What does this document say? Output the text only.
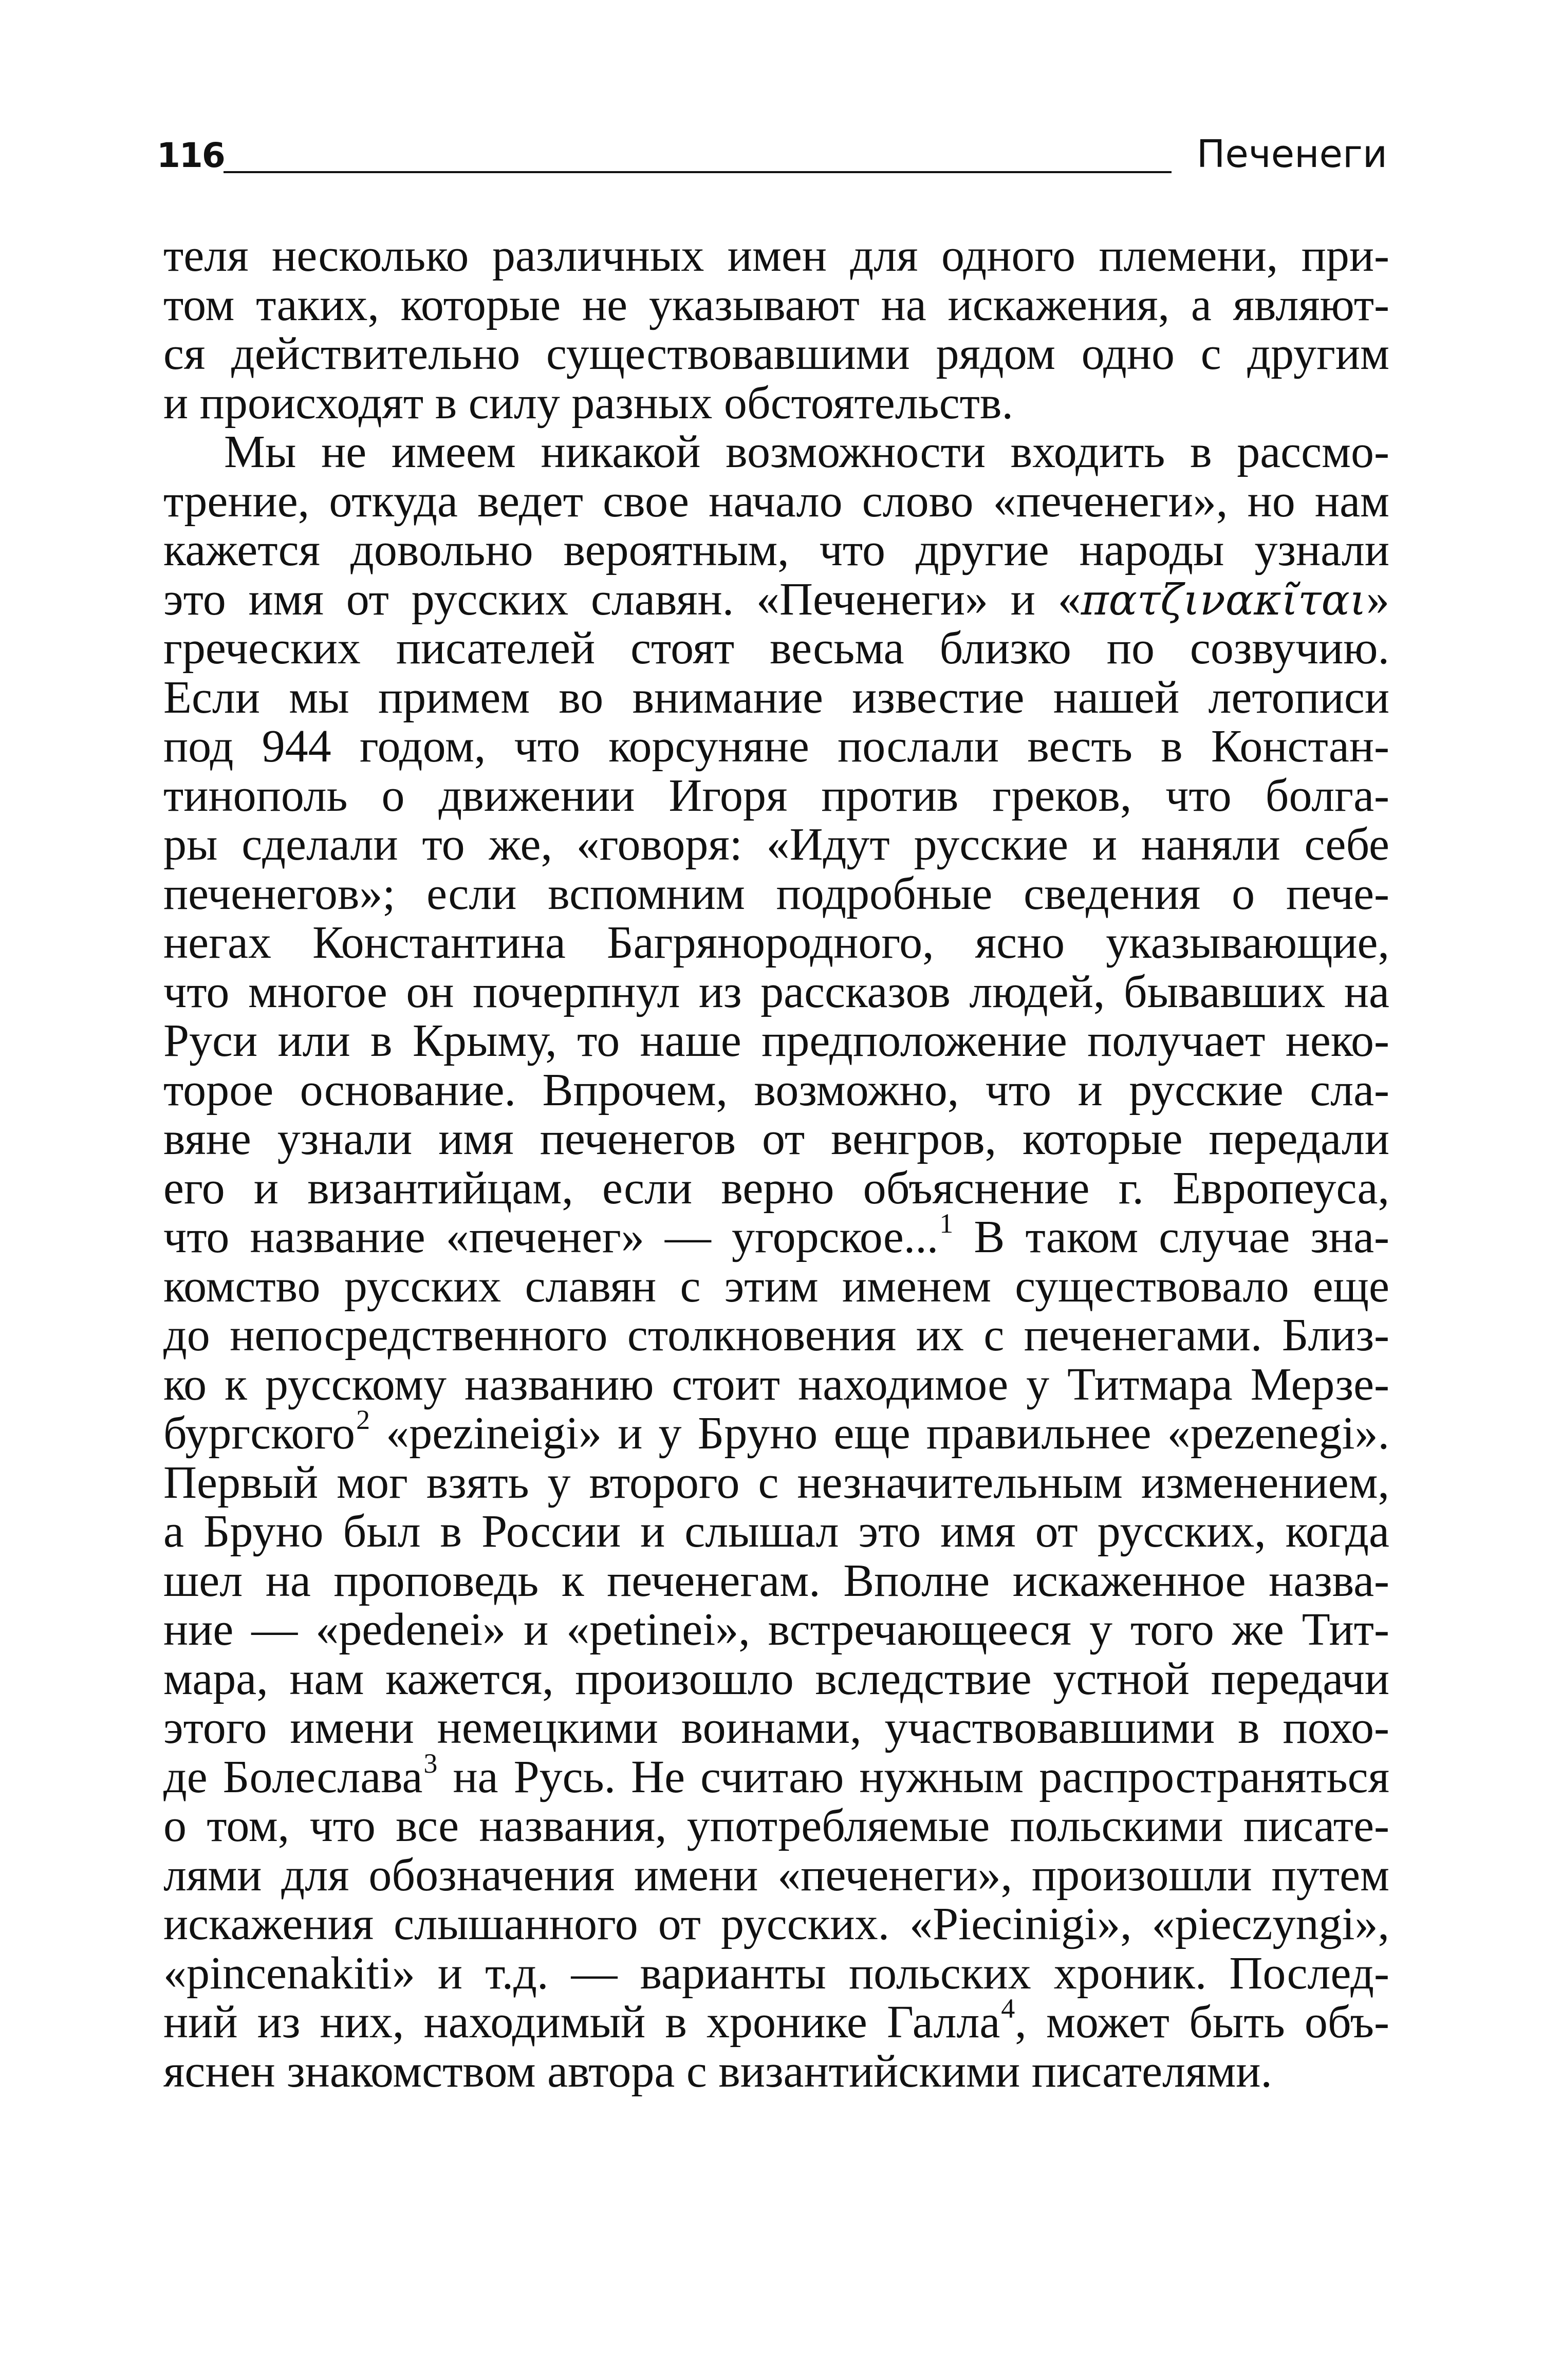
116	Печенеги
теля несколько различных имен для одного племени, при-
том таких, которые не указывают на искажения, а являют-
ся действительно существовавшими рядом одно с другим
и происходят в силу разных обстоятельств.
Мы не имеем никакой возможности входить в рассмо-
трение, откуда ведет свое начало слово «печенеги», но нам
кажется довольно вероятным, что другие народы узнали
это имя от русских славян. «Печенеги» и «πατζινακῖται»
греческих писателей стоят весьма близко по созвучию.
Если мы примем во внимание известие нашей летописи
под 944 годом, что корсуняне послали весть в Констан-
тинополь о движении Игоря против греков, что болга-
ры сделали то же, «говоря: «Идут русские и наняли себе
печенегов»; если вспомним подробные сведения о пече-
негах Константина Багрянородного, ясно указывающие,
что многое он почерпнул из рассказов людей, бывавших на
Руси или в Крыму, то наше предположение получает неко-
торое основание. Впрочем, возможно, что и русские сла-
вяне узнали имя печенегов от венгров, которые передали
его и византийцам, если верно объяснение г. Европеуса,
что название «печенег» — угорское...$^1$ В таком случае зна-
комство русских славян с этим именем существовало еще
до непосредственного столкновения их с печенегами. Близ-
ко к русскому названию стоит находимое у Титмара Мерзе-
бургского$^2$ «pezineigi» и у Бруно еще правильнее «pezenegi».
Первый мог взять у второго с незначительным изменением,
а Бруно был в России и слышал это имя от русских, когда
шел на проповедь к печенегам. Вполне искаженное назва-
ние — «pedenei» и «petinei», встречающееся у того же Тит-
мара, нам кажется, произошло вследствие устной передачи
этого имени немецкими воинами, участвовавшими в похо-
де Болеслава$^3$ на Русь. Не считаю нужным распространяться
о том, что все названия, употребляемые польскими писате-
лями для обозначения имени «печенеги», произошли путем
искажения слышанного от русских. «Piecinigi», «pieczyngi»,
«pincenakiti» и т.д. — варианты польских хроник. Послед-
ний из них, находимый в хронике Галла$^4$, может быть объ-
яснен знакомством автора с византийскими писателями.
